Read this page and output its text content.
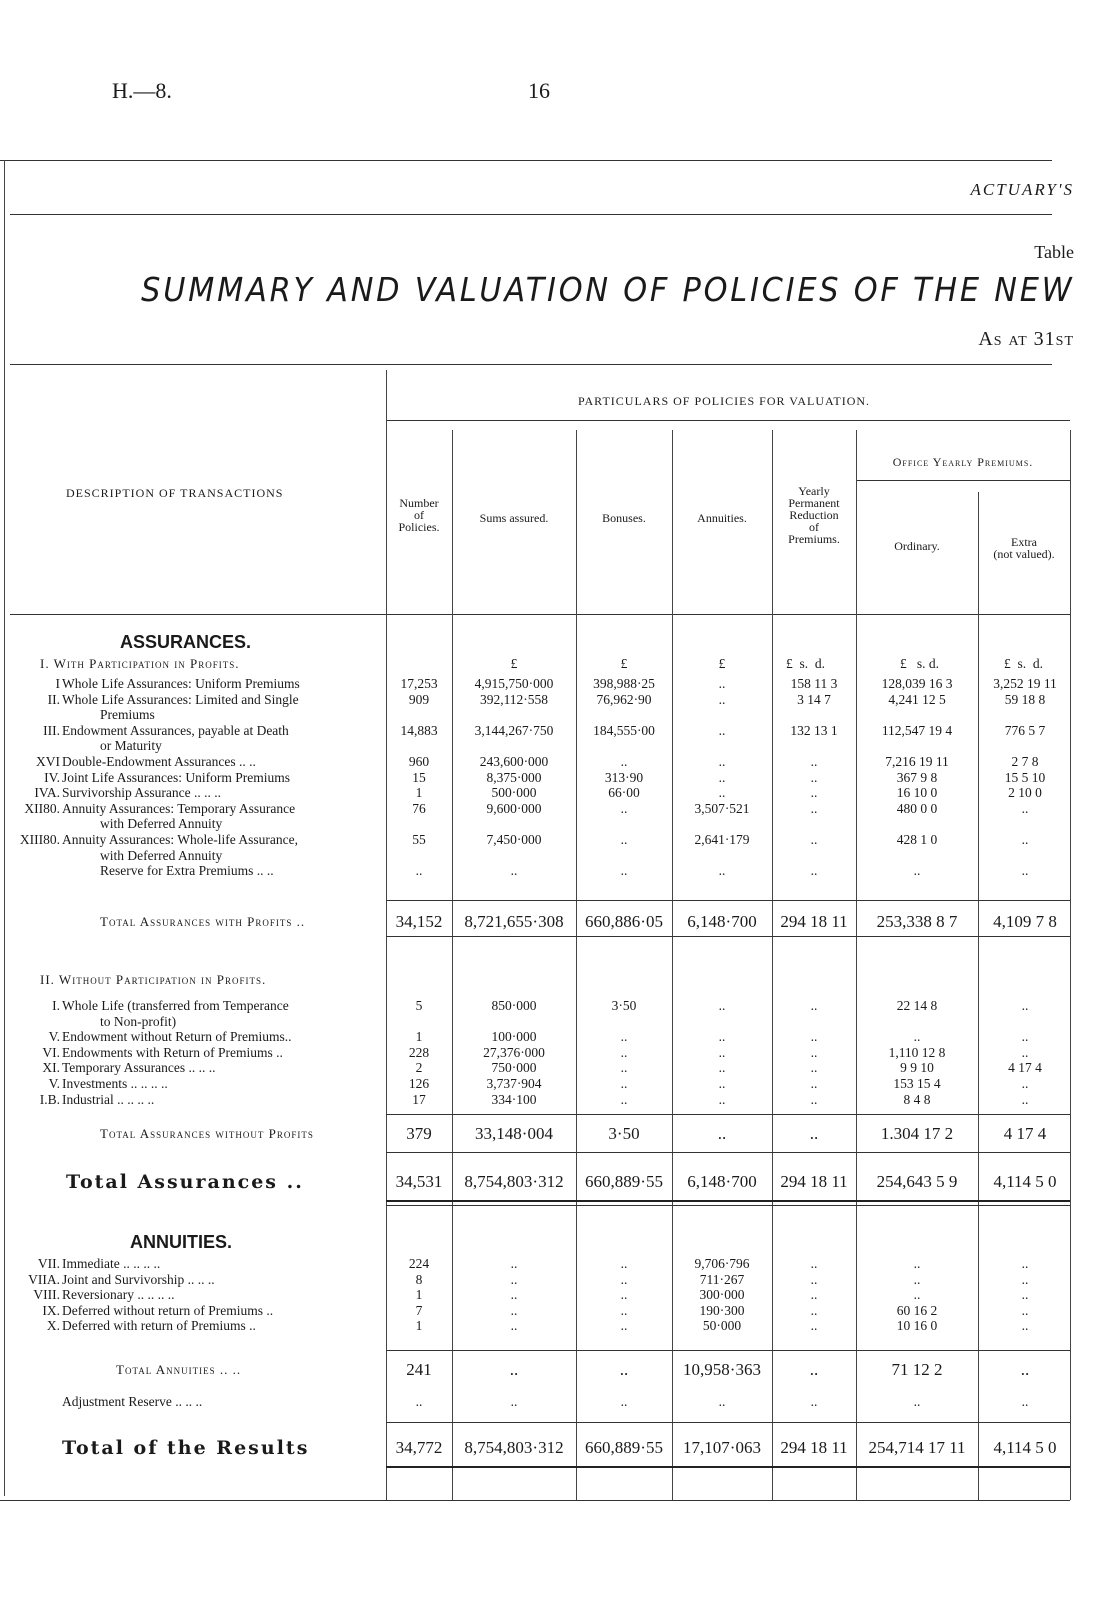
H.—8.	16
ACTUARY'S
Table
SUMMARY AND VALUATION OF POLICIES OF THE NEW
As at 31st
PARTICULARS OF POLICIES FOR VALUATION.
DESCRIPTION OF TRANSACTIONS
Office Yearly Premiums.
Number
of
Policies.
Sums assured.	Bonuses.	Annuities.
Yearly
Permanent
Reduction
of
Premiums.	Ordinary.	Extra
(not valued).
ASSURANCES.
I. With Participation in Profits.	£	£	£	£ s. d.	£ s. d.	£ s. d.
I Whole Life Assurances: Uniform Premiums	17,253	4,915,750·000	398,988·25	..	158 11 3	128,039 16 3	3,252 19 11
II. Whole Life Assurances: Limited and Single	909	392,112·558	76,962·90	..	3 14 7	4,241 12 5	59 18 8
Premiums
III. Endowment Assurances, payable at Death	14,883	3,144,267·750	184,555·00	..	132 13 1	112,547 19 4	776 5 7
or Maturity
XVI Double-Endowment Assurances .. ..	960	243,600·000	..	..	..	7,216 19 11	2 7 8
IV. Joint Life Assurances: Uniform Premiums	15	8,375·000	313·90	..	..	367 9 8	15 5 10
IVA. Survivorship Assurance .. .. ..	1	500·000	66·00	..	..	16 10 0	2 10 0
XII80. Annuity Assurances: Temporary Assurance	76	9,600·000	..	3,507·521	..	480 0 0	..
with Deferred Annuity
XIII80. Annuity Assurances: Whole-life Assurance,	55	7,450·000	..	2,641·179	..	428 1 0	..
with Deferred Annuity
Reserve for Extra Premiums .. ..	..	..	..	..	..	..	..
Total Assurances with Profits ..	34,152	8,721,655·308	660,886·05	6,148·700	294 18 11	253,338 8 7	4,109 7 8
II. Without Participation in Profits.
I. Whole Life (transferred from Temperance	5	850·000	3·50	..	..	22 14 8	..
to Non-profit)
V. Endowment without Return of Premiums..	1	100·000	..	..	..	..	..
VI. Endowments with Return of Premiums ..	228	27,376·000	..	..	..	1,110 12 8	..
XI. Temporary Assurances .. .. ..	2	750·000	..	..	..	9 9 10	4 17 4
V. Investments .. .. .. ..	126	3,737·904	..	..	..	153 15 4	..
I.B. Industrial .. .. .. ..	17	334·100	..	..	..	8 4 8	..
Total Assurances without Profits	379	33,148·004	3·50	..	..	1.304 17 2	4 17 4
Total Assurances ..	34,531	8,754,803·312	660,889·55	6,148·700	294 18 11	254,643 5 9	4,114 5 0
ANNUITIES.
VII. Immediate .. .. .. ..	224	..	..	9,706·796	..	..	..
VIIA. Joint and Survivorship .. .. ..	8	..	..	711·267	..	..	..
VIII. Reversionary .. .. .. ..	1	..	..	300·000	..	..	..
IX. Deferred without return of Premiums ..	7	..	..	190·300	..	60 16 2	..
X. Deferred with return of Premiums ..	1	..	..	50·000	..	10 16 0	..
Total Annuities .. ..	241	..	..	10,958·363	..	71 12 2	..
Adjustment Reserve .. .. ..	..	..	..	..	..	..	..
Total of the Results	34,772	8,754,803·312	660,889·55	17,107·063	294 18 11	254,714 17 11	4,114 5 0
